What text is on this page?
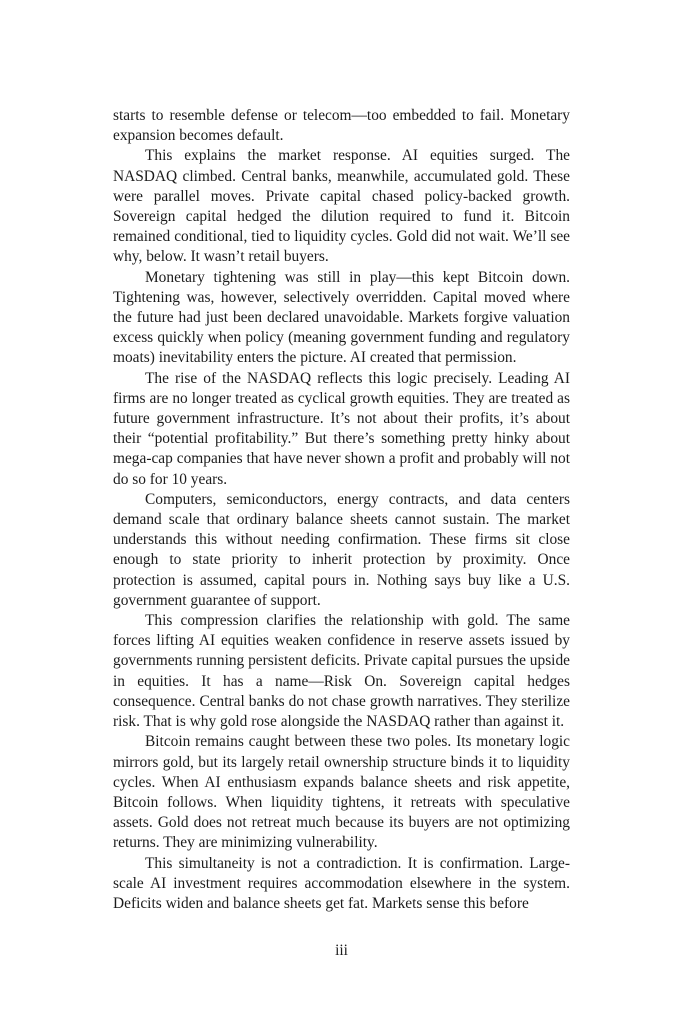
starts to resemble defense or telecom—too embedded to fail. Monetary expansion becomes default.

This explains the market response. AI equities surged. The NASDAQ climbed. Central banks, meanwhile, accumulated gold. These were parallel moves. Private capital chased policy-backed growth. Sovereign capital hedged the dilution required to fund it. Bitcoin remained conditional, tied to liquidity cycles. Gold did not wait. We’ll see why, below. It wasn’t retail buyers.

Monetary tightening was still in play—this kept Bitcoin down. Tightening was, however, selectively overridden. Capital moved where the future had just been declared unavoidable. Markets forgive valuation excess quickly when policy (meaning government funding and regulatory moats) inevitability enters the picture. AI created that permission.

The rise of the NASDAQ reflects this logic precisely. Leading AI firms are no longer treated as cyclical growth equities. They are treated as future government infrastructure. It’s not about their profits, it’s about their “potential profitability.” But there’s something pretty hinky about mega-cap companies that have never shown a profit and probably will not do so for 10 years.

Computers, semiconductors, energy contracts, and data centers demand scale that ordinary balance sheets cannot sustain. The market understands this without needing confirmation. These firms sit close enough to state priority to inherit protection by proximity. Once protection is assumed, capital pours in. Nothing says buy like a U.S. government guarantee of support.

This compression clarifies the relationship with gold. The same forces lifting AI equities weaken confidence in reserve assets issued by governments running persistent deficits. Private capital pursues the upside in equities. It has a name—Risk On. Sovereign capital hedges consequence. Central banks do not chase growth narratives. They sterilize risk. That is why gold rose alongside the NASDAQ rather than against it.

Bitcoin remains caught between these two poles. Its monetary logic mirrors gold, but its largely retail ownership structure binds it to liquidity cycles. When AI enthusiasm expands balance sheets and risk appetite, Bitcoin follows. When liquidity tightens, it retreats with speculative assets. Gold does not retreat much because its buyers are not optimizing returns. They are minimizing vulnerability.

This simultaneity is not a contradiction. It is confirmation. Large-scale AI investment requires accommodation elsewhere in the system. Deficits widen and balance sheets get fat. Markets sense this before

iii
